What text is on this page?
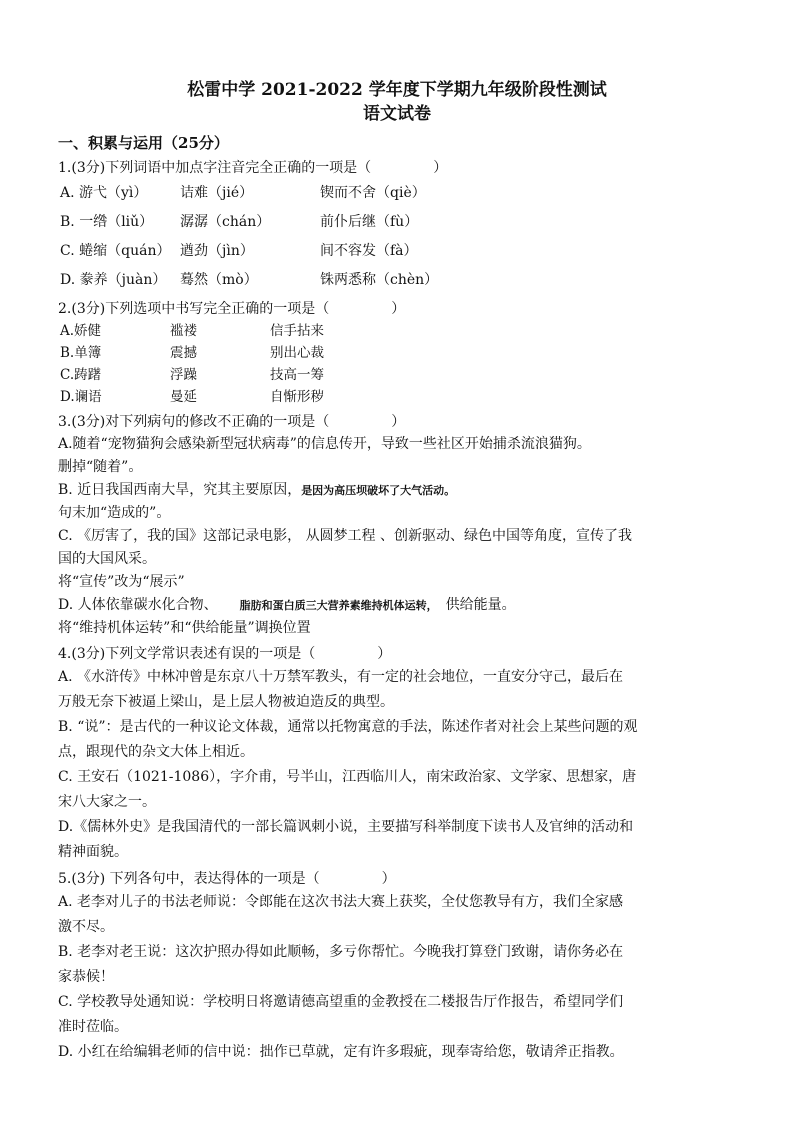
松雷中学 2021-2022 学年度下学期九年级阶段性测试
语文试卷
一、积累与运用（25分）
1.(3分)下列词语中加点字注音完全正确的一项是（	）
A. 游弋（yì）	诘难（jié）	锲而不舍（qiè）
B. 一绺（liǔ）	潺潺（chán）	前仆后继（fù）
C. 蜷缩（quán） 遒劲（jìn）	间不容发（fà）
D. 豢养（juàn） 蓦然（mò）	铢两悉称（chèn）
2.(3分)下列选项中书写完全正确的一项是（	）
A.娇健	褴褛	信手拈来
B.单簿	震撼	别出心裁
C.踌躇	浮躁	技高一筹
D.谰语	曼延	自惭形秽
3.(3分)对下列病句的修改不正确的一项是（	）
A.随着“宠物猫狗会感染新型冠状病毒”的信息传开，导致一些社区开始捕杀流浪猫狗。
删掉“随着”。
B. 近日我国西南大旱，究其主要原因，是因为高压坝破坏了大气活动。
句末加“造成的”。
C. 《厉害了，我的国》这部记录电影， 从圆梦工程 、创新驱动、绿色中国等角度，宣传了我
国的大国风采。
将“宣传”改为“展示”
D. 人体依靠碳水化合物、 脂肪和蛋白质三大营养素维持机体运转， 供给能量。
将“维持机体运转”和“供给能量”调换位置
4.(3分)下列文学常识表述有误的一项是（	）
A. 《水浒传》中林冲曾是东京八十万禁军教头，有一定的社会地位，一直安分守己，最后在
万般无奈下被逼上梁山，是上层人物被迫造反的典型。
B. “说”：是古代的一种议论文体裁，通常以托物寓意的手法，陈述作者对社会上某些问题的观
点，跟现代的杂文大体上相近。
C. 王安石（1021-1086），字介甫，号半山，江西临川人，南宋政治家、文学家、思想家，唐
宋八大家之一。
D.《儒林外史》是我国清代的一部长篇讽刺小说，主要描写科举制度下读书人及官绅的活动和
精神面貌。
5.(3分) 下列各句中，表达得体的一项是（	）
A. 老李对儿子的书法老师说：令郎能在这次书法大赛上获奖，全仗您教导有方，我们全家感
激不尽。
B. 老李对老王说：这次护照办得如此顺畅，多亏你帮忙。今晚我打算登门致谢，请你务必在
家恭候！
C. 学校教导处通知说：学校明日将邀请德高望重的金教授在二楼报告厅作报告，希望同学们
准时莅临。
D. 小红在给编辑老师的信中说：拙作已草就，定有许多瑕疵，现奉寄给您，敬请斧正指教。
